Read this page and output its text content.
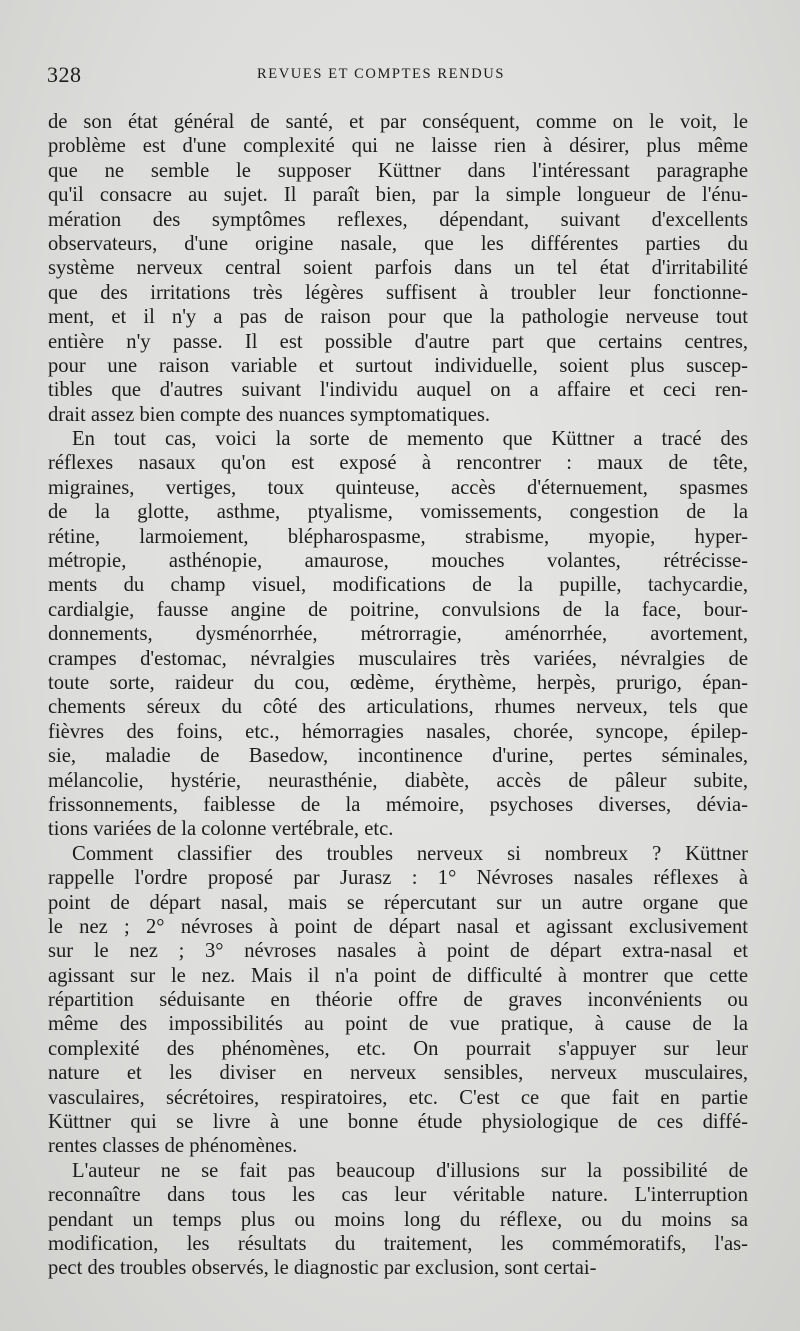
328	REVUES ET COMPTES RENDUS
de son état général de santé, et par conséquent, comme on le voit, le
problème est d'une complexité qui ne laisse rien à désirer, plus même
que ne semble le supposer Küttner dans l'intéressant paragraphe
qu'il consacre au sujet. Il paraît bien, par la simple longueur de l'énu-
mération des symptômes reflexes, dépendant, suivant d'excellents
observateurs, d'une origine nasale, que les différentes parties du
système nerveux central soient parfois dans un tel état d'irritabilité
que des irritations très légères suffisent à troubler leur fonctionne-
ment, et il n'y a pas de raison pour que la pathologie nerveuse tout
entière n'y passe. Il est possible d'autre part que certains centres,
pour une raison variable et surtout individuelle, soient plus suscep-
tibles que d'autres suivant l'individu auquel on a affaire et ceci ren-
drait assez bien compte des nuances symptomatiques.
En tout cas, voici la sorte de memento que Küttner a tracé des
réflexes nasaux qu'on est exposé à rencontrer : maux de tête,
migraines, vertiges, toux quinteuse, accès d'éternuement, spasmes
de la glotte, asthme, ptyalisme, vomissements, congestion de la
rétine, larmoiement, blépharospasme, strabisme, myopie, hyper-
métropie, asthénopie, amaurose, mouches volantes, rétrécisse-
ments du champ visuel, modifications de la pupille, tachycardie,
cardialgie, fausse angine de poitrine, convulsions de la face, bour-
donnements, dysménorrhée, métrorragie, aménorrhée, avortement,
crampes d'estomac, névralgies musculaires très variées, névralgies de
toute sorte, raideur du cou, œdème, érythème, herpès, prurigo, épan-
chements séreux du côté des articulations, rhumes nerveux, tels que
fièvres des foins, etc., hémorragies nasales, chorée, syncope, épilep-
sie, maladie de Basedow, incontinence d'urine, pertes séminales,
mélancolie, hystérie, neurasthénie, diabète, accès de pâleur subite,
frissonnements, faiblesse de la mémoire, psychoses diverses, dévia-
tions variées de la colonne vertébrale, etc.
Comment classifier des troubles nerveux si nombreux ? Küttner
rappelle l'ordre proposé par Jurasz : 1° Névroses nasales réflexes à
point de départ nasal, mais se répercutant sur un autre organe que
le nez ; 2° névroses à point de départ nasal et agissant exclusivement
sur le nez ; 3° névroses nasales à point de départ extra-nasal et
agissant sur le nez. Mais il n'a point de difficulté à montrer que cette
répartition séduisante en théorie offre de graves inconvénients ou
même des impossibilités au point de vue pratique, à cause de la
complexité des phénomènes, etc. On pourrait s'appuyer sur leur
nature et les diviser en nerveux sensibles, nerveux musculaires,
vasculaires, sécrétoires, respiratoires, etc. C'est ce que fait en partie
Küttner qui se livre à une bonne étude physiologique de ces diffé-
rentes classes de phénomènes.
L'auteur ne se fait pas beaucoup d'illusions sur la possibilité de
reconnaître dans tous les cas leur véritable nature. L'interruption
pendant un temps plus ou moins long du réflexe, ou du moins sa
modification, les résultats du traitement, les commémoratifs, l'as-
pect des troubles observés, le diagnostic par exclusion, sont certai-
